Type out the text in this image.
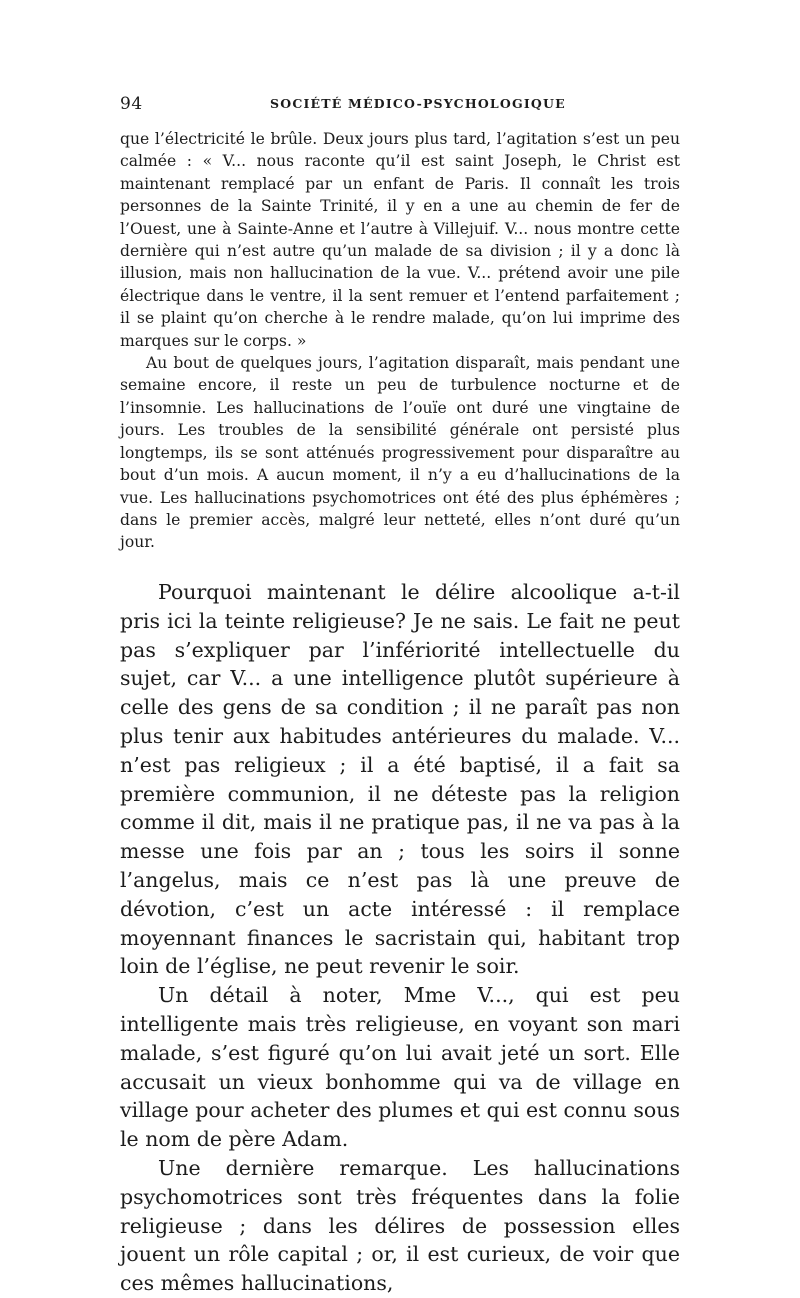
94	SOCIÉTÉ MÉDICO-PSYCHOLOGIQUE

que l’électricité le brûle. Deux jours plus tard, l’agitation s’est un peu calmée : « V... nous raconte qu’il est saint Joseph, le Christ est maintenant remplacé par un enfant de Paris. Il connaît les trois personnes de la Sainte Trinité, il y en a une au chemin de fer de l’Ouest, une à Sainte-Anne et l’autre à Villejuif. V... nous montre cette dernière qui n’est autre qu’un malade de sa division ; il y a donc là illusion, mais non hallucination de la vue. V... prétend avoir une pile électrique dans le ventre, il la sent remuer et l’entend parfaitement ; il se plaint qu’on cherche à le rendre malade, qu’on lui imprime des marques sur le corps. »

Au bout de quelques jours, l’agitation disparaît, mais pendant une semaine encore, il reste un peu de turbulence nocturne et de l’insomnie. Les hallucinations de l’ouïe ont duré une vingtaine de jours. Les troubles de la sensibilité générale ont persisté plus longtemps, ils se sont atténués progressivement pour disparaître au bout d’un mois. A aucun moment, il n’y a eu d’hallucinations de la vue. Les hallucinations psychomotrices ont été des plus éphémères ; dans le premier accès, malgré leur netteté, elles n’ont duré qu’un jour.

Pourquoi maintenant le délire alcoolique a-t-il pris ici la teinte religieuse? Je ne sais. Le fait ne peut pas s’expliquer par l’infériorité intellectuelle du sujet, car V... a une intelligence plutôt supérieure à celle des gens de sa condition ; il ne paraît pas non plus tenir aux habitudes antérieures du malade. V... n’est pas religieux ; il a été baptisé, il a fait sa première communion, il ne déteste pas la religion comme il dit, mais il ne pratique pas, il ne va pas à la messe une fois par an ; tous les soirs il sonne l’angelus, mais ce n’est pas là une preuve de dévotion, c’est un acte intéressé : il remplace moyennant finances le sacristain qui, habitant trop loin de l’église, ne peut revenir le soir.

Un détail à noter, Mme V..., qui est peu intelligente mais très religieuse, en voyant son mari malade, s’est figuré qu’on lui avait jeté un sort. Elle accusait un vieux bonhomme qui va de village en village pour acheter des plumes et qui est connu sous le nom de père Adam.

Une dernière remarque. Les hallucinations psychomotrices sont très fréquentes dans la folie religieuse ; dans les délires de possession elles jouent un rôle capital ; or, il est curieux, de voir que ces mêmes hallucinations,
